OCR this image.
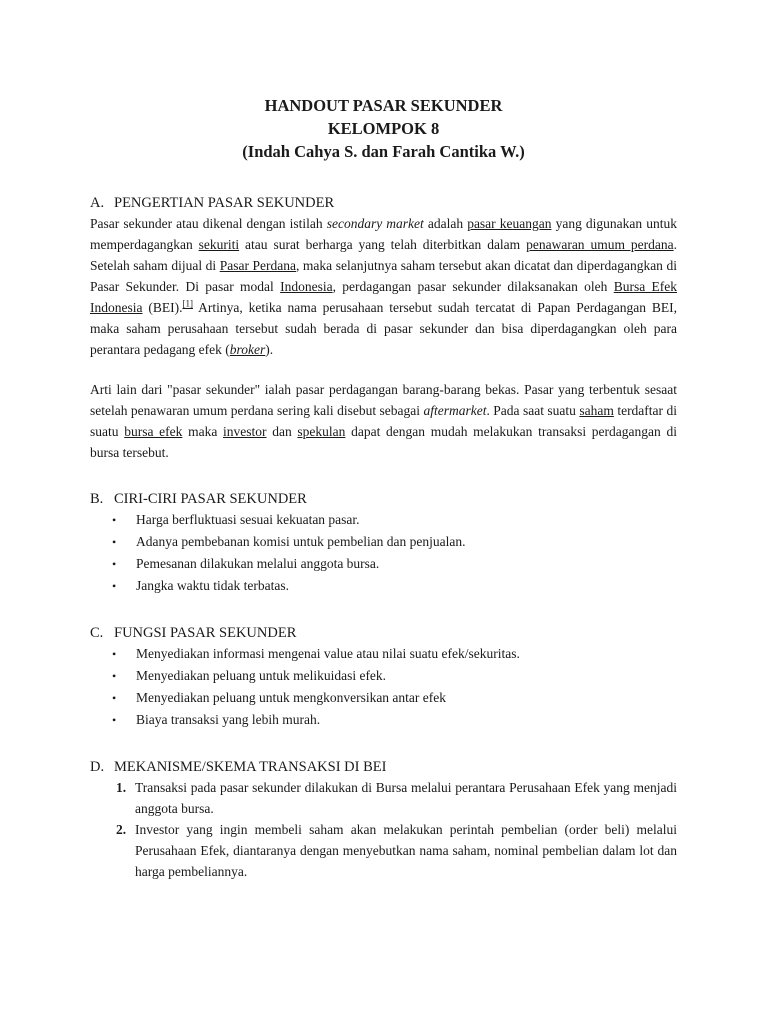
HANDOUT PASAR SEKUNDER
KELOMPOK 8
(Indah Cahya S. dan Farah Cantika W.)
A. PENGERTIAN PASAR SEKUNDER

Pasar sekunder atau dikenal dengan istilah secondary market adalah pasar keuangan yang digunakan untuk memperdagangkan sekuriti atau surat berharga yang telah diterbitkan dalam penawaran umum perdana. Setelah saham dijual di Pasar Perdana, maka selanjutnya saham tersebut akan dicatat dan diperdagangkan di Pasar Sekunder. Di pasar modal Indonesia, perdagangan pasar sekunder dilaksanakan oleh Bursa Efek Indonesia (BEI).[1] Artinya, ketika nama perusahaan tersebut sudah tercatat di Papan Perdagangan BEI, maka saham perusahaan tersebut sudah berada di pasar sekunder dan bisa diperdagangkan oleh para perantara pedagang efek (broker).

Arti lain dari "pasar sekunder" ialah pasar perdagangan barang-barang bekas. Pasar yang terbentuk sesaat setelah penawaran umum perdana sering kali disebut sebagai aftermarket. Pada saat suatu saham terdaftar di suatu bursa efek maka investor dan spekulan dapat dengan mudah melakukan transaksi perdagangan di bursa tersebut.

B. CIRI-CIRI PASAR SEKUNDER
• Harga berfluktuasi sesuai kekuatan pasar.
• Adanya pembebanan komisi untuk pembelian dan penjualan.
• Pemesanan dilakukan melalui anggota bursa.
• Jangka waktu tidak terbatas.
C. FUNGSI PASAR SEKUNDER
• Menyediakan informasi mengenai value atau nilai suatu efek/sekuritas.
• Menyediakan peluang untuk melikuidasi efek.
• Menyediakan peluang untuk mengkonversikan antar efek
• Biaya transaksi yang lebih murah.
D. MEKANISME/SKEMA TRANSAKSI DI BEI
1. Transaksi pada pasar sekunder dilakukan di Bursa melalui perantara Perusahaan Efek yang menjadi anggota bursa.
2. Investor yang ingin membeli saham akan melakukan perintah pembelian (order beli) melalui Perusahaan Efek, diantaranya dengan menyebutkan nama saham, nominal pembelian dalam lot dan harga pembeliannya.
